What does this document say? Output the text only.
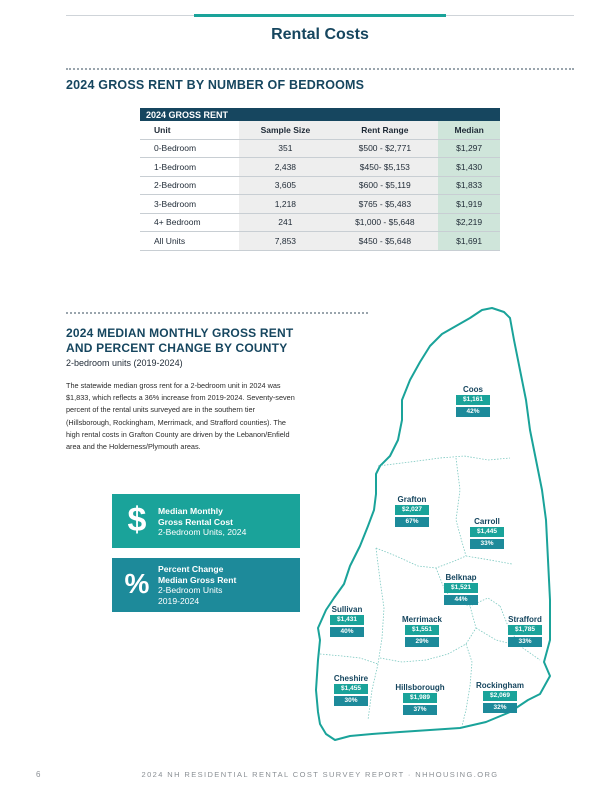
Rental Costs
2024 GROSS RENT BY NUMBER OF BEDROOMS
2024 GROSS RENT			
Unit	Sample Size	Rent Range	Median
0-Bedroom	351	$500 - $2,771	$1,297
1-Bedroom	2,438	$450- $5,153	$1,430
2-Bedroom	3,605	$600 - $5,119	$1,833
3-Bedroom	1,218	$765 - $5,483	$1,919
4+ Bedroom	241	$1,000 - $5,648	$2,219
All Units	7,853	$450 - $5,648	$1,691
2024 MEDIAN MONTHLY GROSS RENT
AND PERCENT CHANGE BY COUNTY
2-bedroom units (2019-2024)
The statewide median gross rent for a 2-bedroom unit in 2024 was
$1,833, which reflects a 36% increase from 2019-2024. Seventy-seven
percent of the rental units surveyed are in the southern tier
(Hillsborough, Rockingham, Merrimack, and Strafford counties). The
high rental costs in Grafton County are driven by the Lebanon/Enfield
area and the Holderness/Plymouth areas.
$	Median Monthly
Gross Rental Cost
2-Bedroom Units, 2024
% Percent Change
Median Gross Rent
2-Bedroom Units
2019-2024
Coos
$1,161
42%
Grafton
$2,027
67%	Carroll
$1,445
33%
Belknap
$1,521
44%
Sullivan
$1,431
40%
Merrimack
$1,551
29%
Strafford
$1,785
33%
Cheshire
$1,455
30%
Hillsborough
$1,989
37%
Rockingham
$2,069
32%
6	2024 NH RESIDENTIAL RENTAL COST SURVEY REPORT · NHHOUSING.ORG
